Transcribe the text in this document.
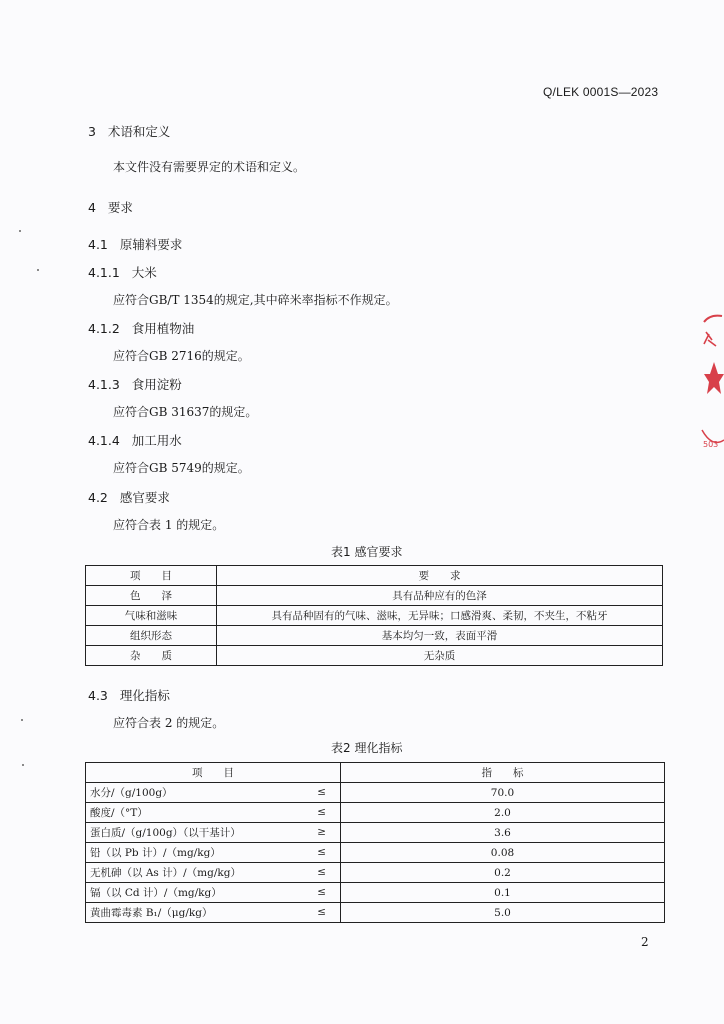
Q/LEK 0001S—2023
3 术语和定义
本文件没有需要界定的术语和定义。
4 要求
4.1 原辅料要求
4.1.1 大米
应符合GB/T 1354的规定,其中碎米率指标不作规定。
4.1.2 食用植物油
应符合GB 2716的规定。
4.1.3 食用淀粉
应符合GB 31637的规定。
4.1.4 加工用水
应符合GB 5749的规定。
4.2 感官要求
应符合表 1 的规定。
表1 感官要求
项　　目	要　　求
色　　泽	具有品种应有的色泽
气味和滋味	具有品种固有的气味、滋味，无异味；口感滑爽、柔韧，不夹生，不粘牙
组织形态	基本均匀一致，表面平滑
杂　　质	无杂质
4.3 理化指标
应符合表 2 的规定。
表2 理化指标
项　　目	指　　标
水分/（g/100g） ≤	70.0
酸度/（°T） ≤	2.0
蛋白质/（g/100g）（以干基计） ≥	3.6
铅（以 Pb 计）/（mg/kg） ≤	0.08
无机砷（以 As 计）/（mg/kg） ≤	0.2
镉（以 Cd 计）/（mg/kg） ≤	0.1
黄曲霉毒素 B₁/（μg/kg） ≤	5.0
2
503
